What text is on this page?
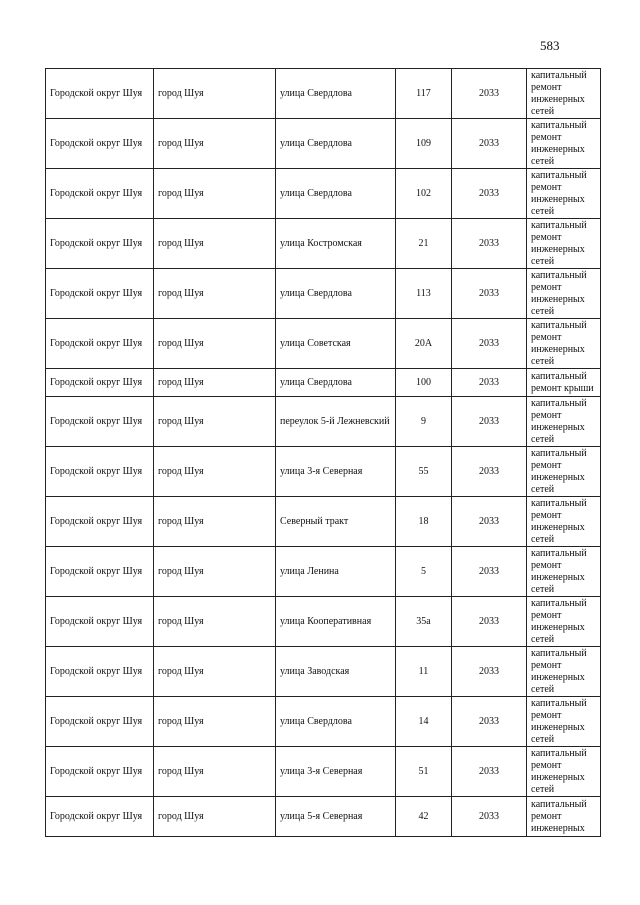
583
Городской округ Шуя	город Шуя	улица Свердлова	117	2033	капитальный ремонт инженерных сетей
Городской округ Шуя	город Шуя	улица Свердлова	109	2033	капитальный ремонт инженерных сетей
Городской округ Шуя	город Шуя	улица Свердлова	102	2033	капитальный ремонт инженерных сетей
Городской округ Шуя	город Шуя	улица Костромская	21	2033	капитальный ремонт инженерных сетей
Городской округ Шуя	город Шуя	улица Свердлова	113	2033	капитальный ремонт инженерных сетей
Городской округ Шуя	город Шуя	улица Советская	20А	2033	капитальный ремонт инженерных сетей
Городской округ Шуя	город Шуя	улица Свердлова	100	2033	капитальный ремонт крыши
Городской округ Шуя	город Шуя	переулок 5-й Лежневский	9	2033	капитальный ремонт инженерных сетей
Городской округ Шуя	город Шуя	улица 3-я Северная	55	2033	капитальный ремонт инженерных сетей
Городской округ Шуя	город Шуя	Северный тракт	18	2033	капитальный ремонт инженерных сетей
Городской округ Шуя	город Шуя	улица Ленина	5	2033	капитальный ремонт инженерных сетей
Городской округ Шуя	город Шуя	улица Кооперативная	35а	2033	капитальный ремонт инженерных сетей
Городской округ Шуя	город Шуя	улица Заводская	11	2033	капитальный ремонт инженерных сетей
Городской округ Шуя	город Шуя	улица Свердлова	14	2033	капитальный ремонт инженерных сетей
Городской округ Шуя	город Шуя	улица 3-я Северная	51	2033	капитальный ремонт инженерных сетей
Городской округ Шуя	город Шуя	улица 5-я Северная	42	2033	капитальный ремонт инженерных
